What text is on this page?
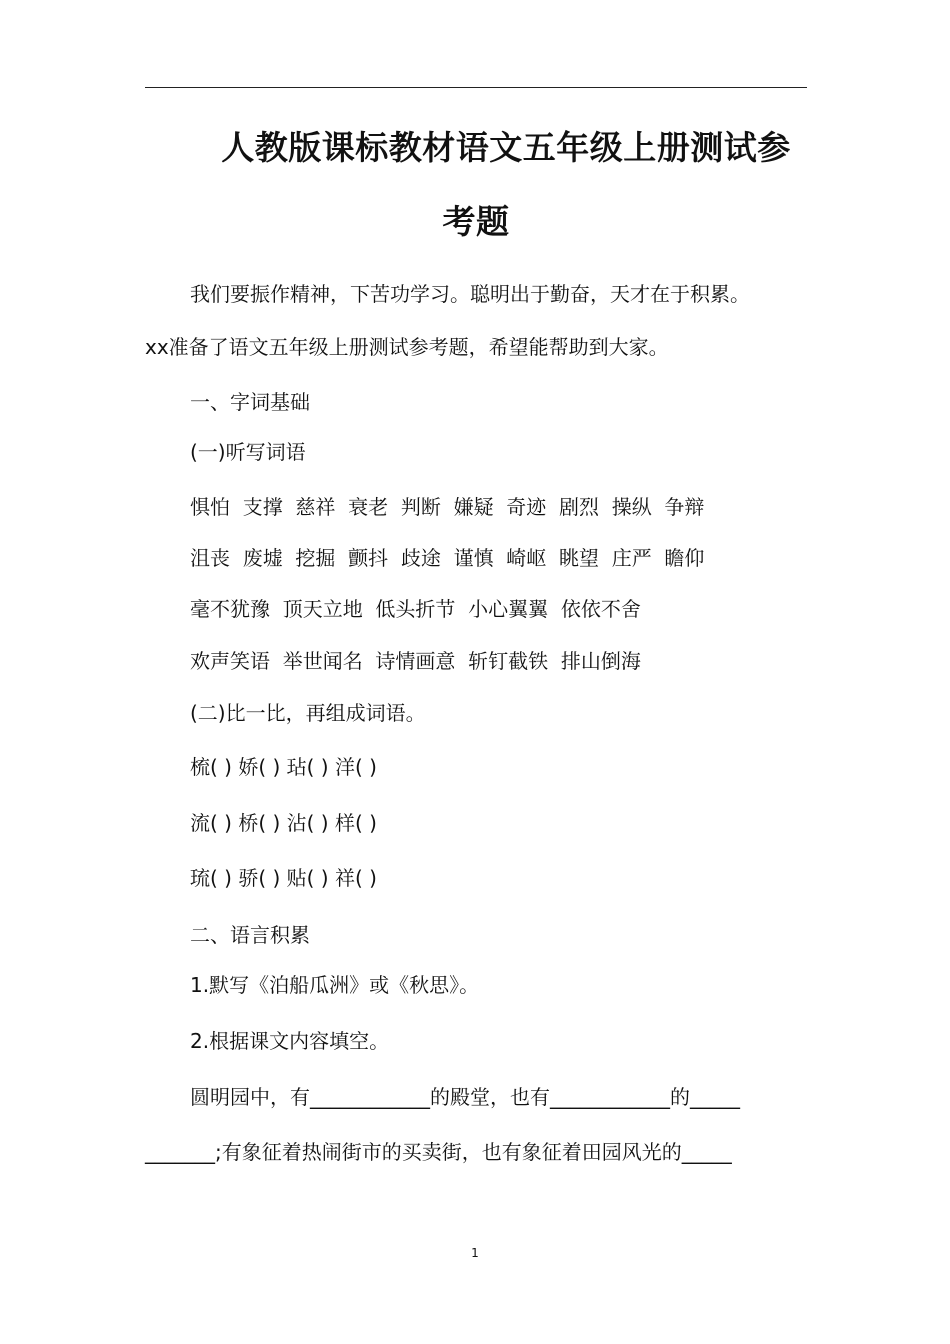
人教版课标教材语文五年级上册测试参
考题
我们要振作精神，下苦功学习。聪明出于勤奋，天才在于积累。
xx准备了语文五年级上册测试参考题，希望能帮助到大家。
一、字词基础
(一)听写词语
惧怕  支撑  慈祥  衰老  判断  嫌疑  奇迹  剧烈  操纵  争辩
沮丧  废墟  挖掘  颤抖  歧途  谨慎  崎岖  眺望  庄严  瞻仰
毫不犹豫  顶天立地  低头折节  小心翼翼  依依不舍
欢声笑语  举世闻名  诗情画意  斩钉截铁  排山倒海
(二)比一比，再组成词语。
梳( ) 娇( ) 玷( ) 洋( )
流( ) 桥( ) 沾( ) 样( )
琉( ) 骄( ) 贴( ) 祥( )
二、语言积累
1.默写《泊船瓜洲》或《秋思》。
2.根据课文内容填空。
圆明园中，有____________的殿堂，也有____________的_____
_______;有象征着热闹街市的买卖街，也有象征着田园风光的_____
1
